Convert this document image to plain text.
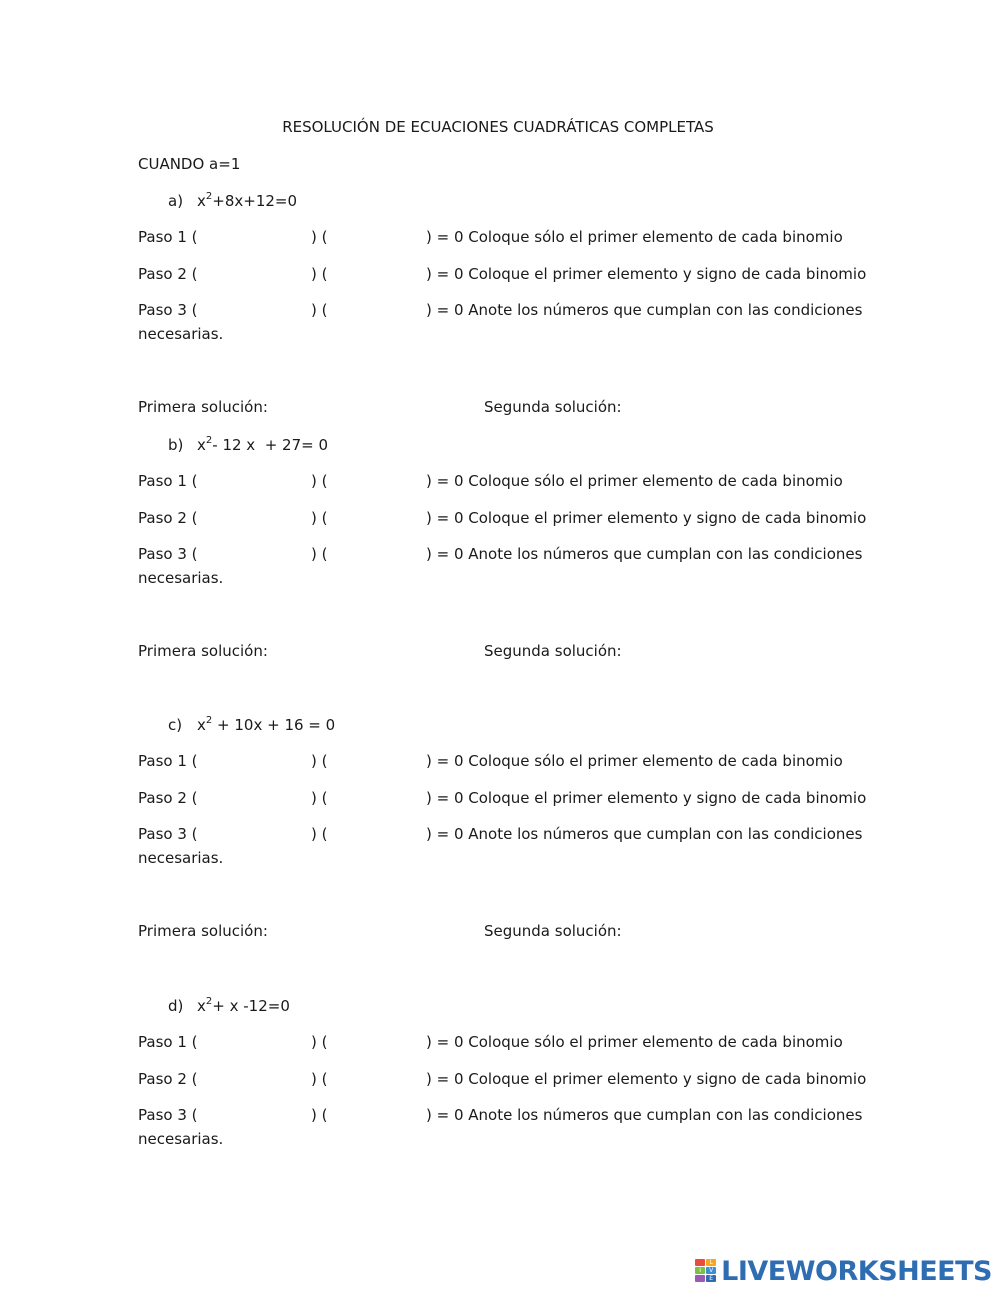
RESOLUCIÓN DE ECUACIONES CUADRÁTICAS COMPLETAS
CUANDO a=1
a) $x^2+8x+12=0$
Paso 1 (	) (	) = 0 Coloque sólo el primer elemento de cada binomio
Paso 2 (	) (	) = 0 Coloque el primer elemento y signo de cada binomio
Paso 3 (	) (	) = 0 Anote los números que cumplan con las condiciones
necesarias.
Primera solución:	Segunda solución:
b) $x^2-$ 12 x  + 27= 0
Paso 1 (	) (	) = 0 Coloque sólo el primer elemento de cada binomio
Paso 2 (	) (	) = 0 Coloque el primer elemento y signo de cada binomio
Paso 3 (	) (	) = 0 Anote los números que cumplan con las condiciones
necesarias.
Primera solución:	Segunda solución:
c) $x^2 + 10x + 16 = 0$
Paso 1 (	) (	) = 0 Coloque sólo el primer elemento de cada binomio
Paso 2 (	) (	) = 0 Coloque el primer elemento y signo de cada binomio
Paso 3 (	) (	) = 0 Anote los números que cumplan con las condiciones
necesarias.
Primera solución:	Segunda solución:
d) $x^2+ x$ -12=0
Paso 1 (	) (	) = 0 Coloque sólo el primer elemento de cada binomio
Paso 2 (	) (	) = 0 Coloque el primer elemento y signo de cada binomio
Paso 3 (	) (	) = 0 Anote los números que cumplan con las condiciones
necesarias.
L
I	V
E LIVEWORKSHEETS
